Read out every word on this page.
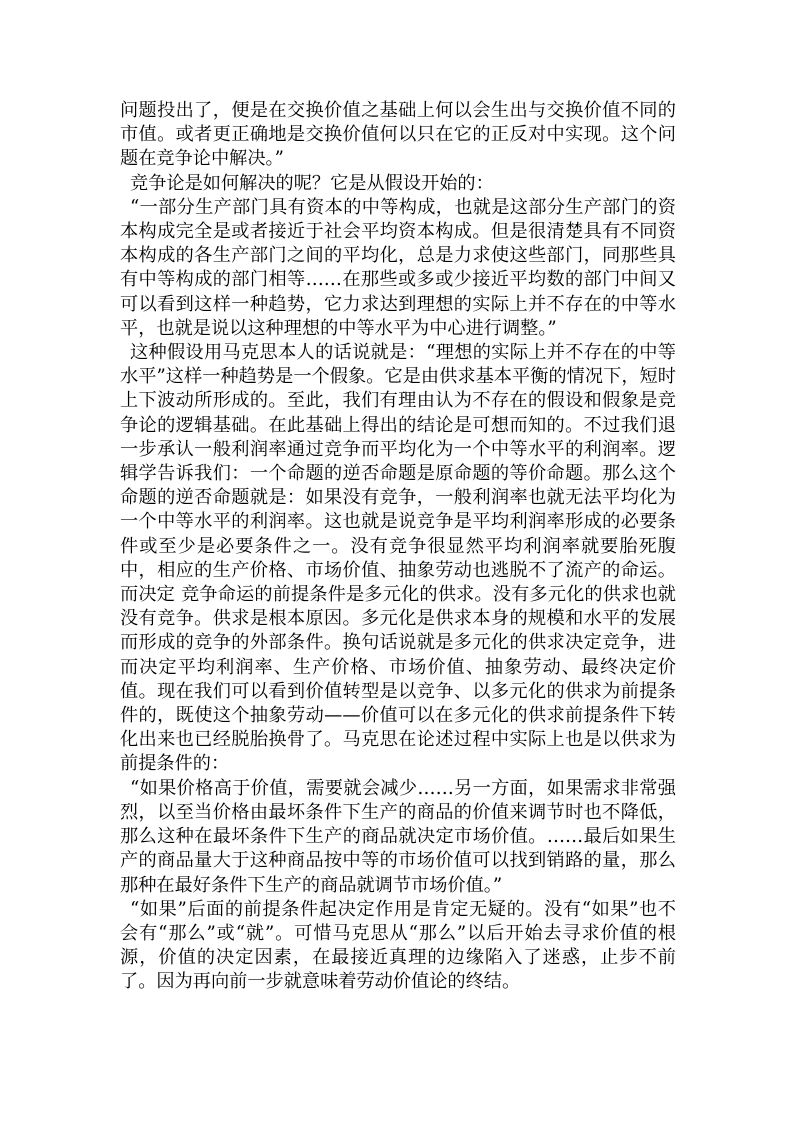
问题投出了，便是在交换价值之基础上何以会生出与交换价值不同的市值。或者更正确地是交换价值何以只在它的正反对中实现。这个问题在竞争论中解决。”

竞争论是如何解决的呢？它是从假设开始的：

“一部分生产部门具有资本的中等构成，也就是这部分生产部门的资本构成完全是或者接近于社会平均资本构成。但是很清楚具有不同资本构成的各生产部门之间的平均化，总是力求使这些部门，同那些具有中等构成的部门相等……在那些或多或少接近平均数的部门中间又可以看到这样一种趋势，它力求达到理想的实际上并不存在的中等水平，也就是说以这种理想的中等水平为中心进行调整。”

这种假设用马克思本人的话说就是：“理想的实际上并不存在的中等水平”这样一种趋势是一个假象。它是由供求基本平衡的情况下，短时上下波动所形成的。至此，我们有理由认为不存在的假设和假象是竞争论的逻辑基础。在此基础上得出的结论是可想而知的。不过我们退一步承认一般利润率通过竞争而平均化为一个中等水平的利润率。逻辑学告诉我们：一个命题的逆否命题是原命题的等价命题。那么这个命题的逆否命题就是：如果没有竞争，一般利润率也就无法平均化为一个中等水平的利润率。这也就是说竞争是平均利润率形成的必要条件或至少是必要条件之一。没有竞争很显然平均利润率就要胎死腹中，相应的生产价格、市场价值、抽象劳动也逃脱不了流产的命运。而决定 竞争命运的前提条件是多元化的供求。没有多元化的供求也就没有竞争。供求是根本原因。多元化是供求本身的规模和水平的发展而形成的竞争的外部条件。换句话说就是多元化的供求决定竞争，进而决定平均利润率、生产价格、市场价值、抽象劳动、最终决定价值。现在我们可以看到价值转型是以竞争、以多元化的供求为前提条件的，既使这个抽象劳动——价值可以在多元化的供求前提条件下转化出来也已经脱胎换骨了。马克思在论述过程中实际上也是以供求为前提条件的：

“如果价格高于价值，需要就会减少……另一方面，如果需求非常强烈，以至当价格由最坏条件下生产的商品的价值来调节时也不降低，那么这种在最坏条件下生产的商品就决定市场价值。……最后如果生产的商品量大于这种商品按中等的市场价值可以找到销路的量，那么那种在最好条件下生产的商品就调节市场价值。”

“如果”后面的前提条件起决定作用是肯定无疑的。没有“如果”也不会有“那么”或“就”。可惜马克思从“那么”以后开始去寻求价值的根源，价值的决定因素，在最接近真理的边缘陷入了迷惑，止步不前了。因为再向前一步就意味着劳动价值论的终结。
